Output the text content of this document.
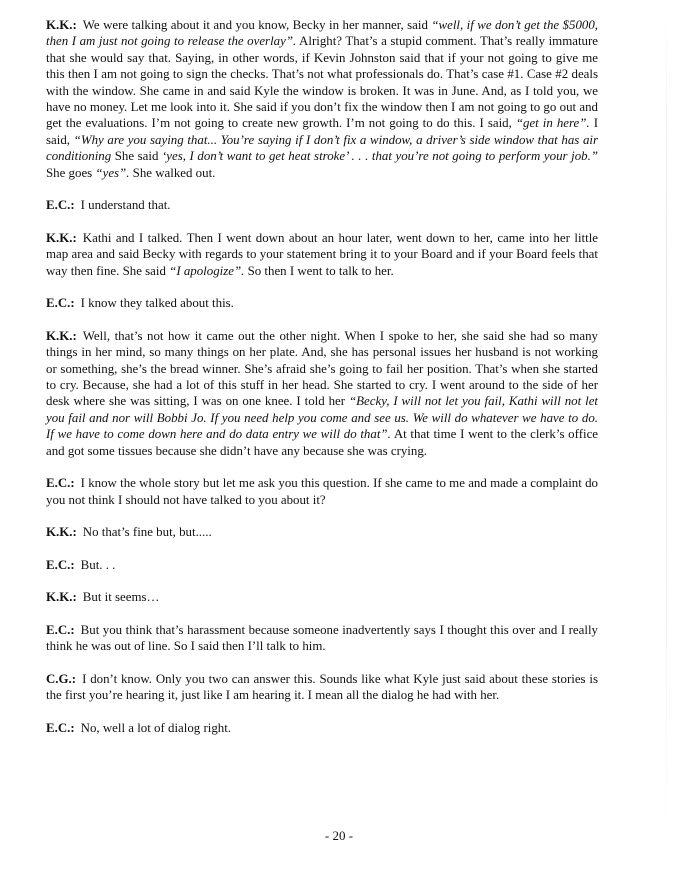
K.K.: We were talking about it and you know, Becky in her manner, said “well, if we don’t get the $5000, then I am just not going to release the overlay”. Alright? That’s a stupid comment. That’s really immature that she would say that. Saying, in other words, if Kevin Johnston said that if your not going to give me this then I am not going to sign the checks. That’s not what professionals do. That’s case #1. Case #2 deals with the window. She came in and said Kyle the window is broken. It was in June. And, as I told you, we have no money. Let me look into it. She said if you don’t fix the window then I am not going to go out and get the evaluations. I’m not going to create new growth. I’m not going to do this. I said, “get in here”. I said, “Why are you saying that... You’re saying if I don’t fix a window, a driver’s side window that has air conditioning She said ‘yes, I don’t want to get heat stroke’ . . . that you’re not going to perform your job.” She goes “yes”. She walked out.

E.C.: I understand that.

K.K.: Kathi and I talked. Then I went down about an hour later, went down to her, came into her little map area and said Becky with regards to your statement bring it to your Board and if your Board feels that way then fine. She said “I apologize”. So then I went to talk to her.

E.C.: I know they talked about this.

K.K.: Well, that’s not how it came out the other night. When I spoke to her, she said she had so many things in her mind, so many things on her plate. And, she has personal issues her husband is not working or something, she’s the bread winner. She’s afraid she’s going to fail her position. That’s when she started to cry. Because, she had a lot of this stuff in her head. She started to cry. I went around to the side of her desk where she was sitting, I was on one knee. I told her “Becky, I will not let you fail, Kathi will not let you fail and nor will Bobbi Jo. If you need help you come and see us. We will do whatever we have to do. If we have to come down here and do data entry we will do that”. At that time I went to the clerk’s office and got some tissues because she didn’t have any because she was crying.

E.C.: I know the whole story but let me ask you this question. If she came to me and made a complaint do you not think I should not have talked to you about it?

K.K.: No that’s fine but, but.....

E.C.: But. . .

K.K.: But it seems…

E.C.: But you think that’s harassment because someone inadvertently says I thought this over and I really think he was out of line. So I said then I’ll talk to him.

C.G.: I don’t know. Only you two can answer this. Sounds like what Kyle just said about these stories is the first you’re hearing it, just like I am hearing it. I mean all the dialog he had with her.

E.C.: No, well a lot of dialog right.

- 20 -
